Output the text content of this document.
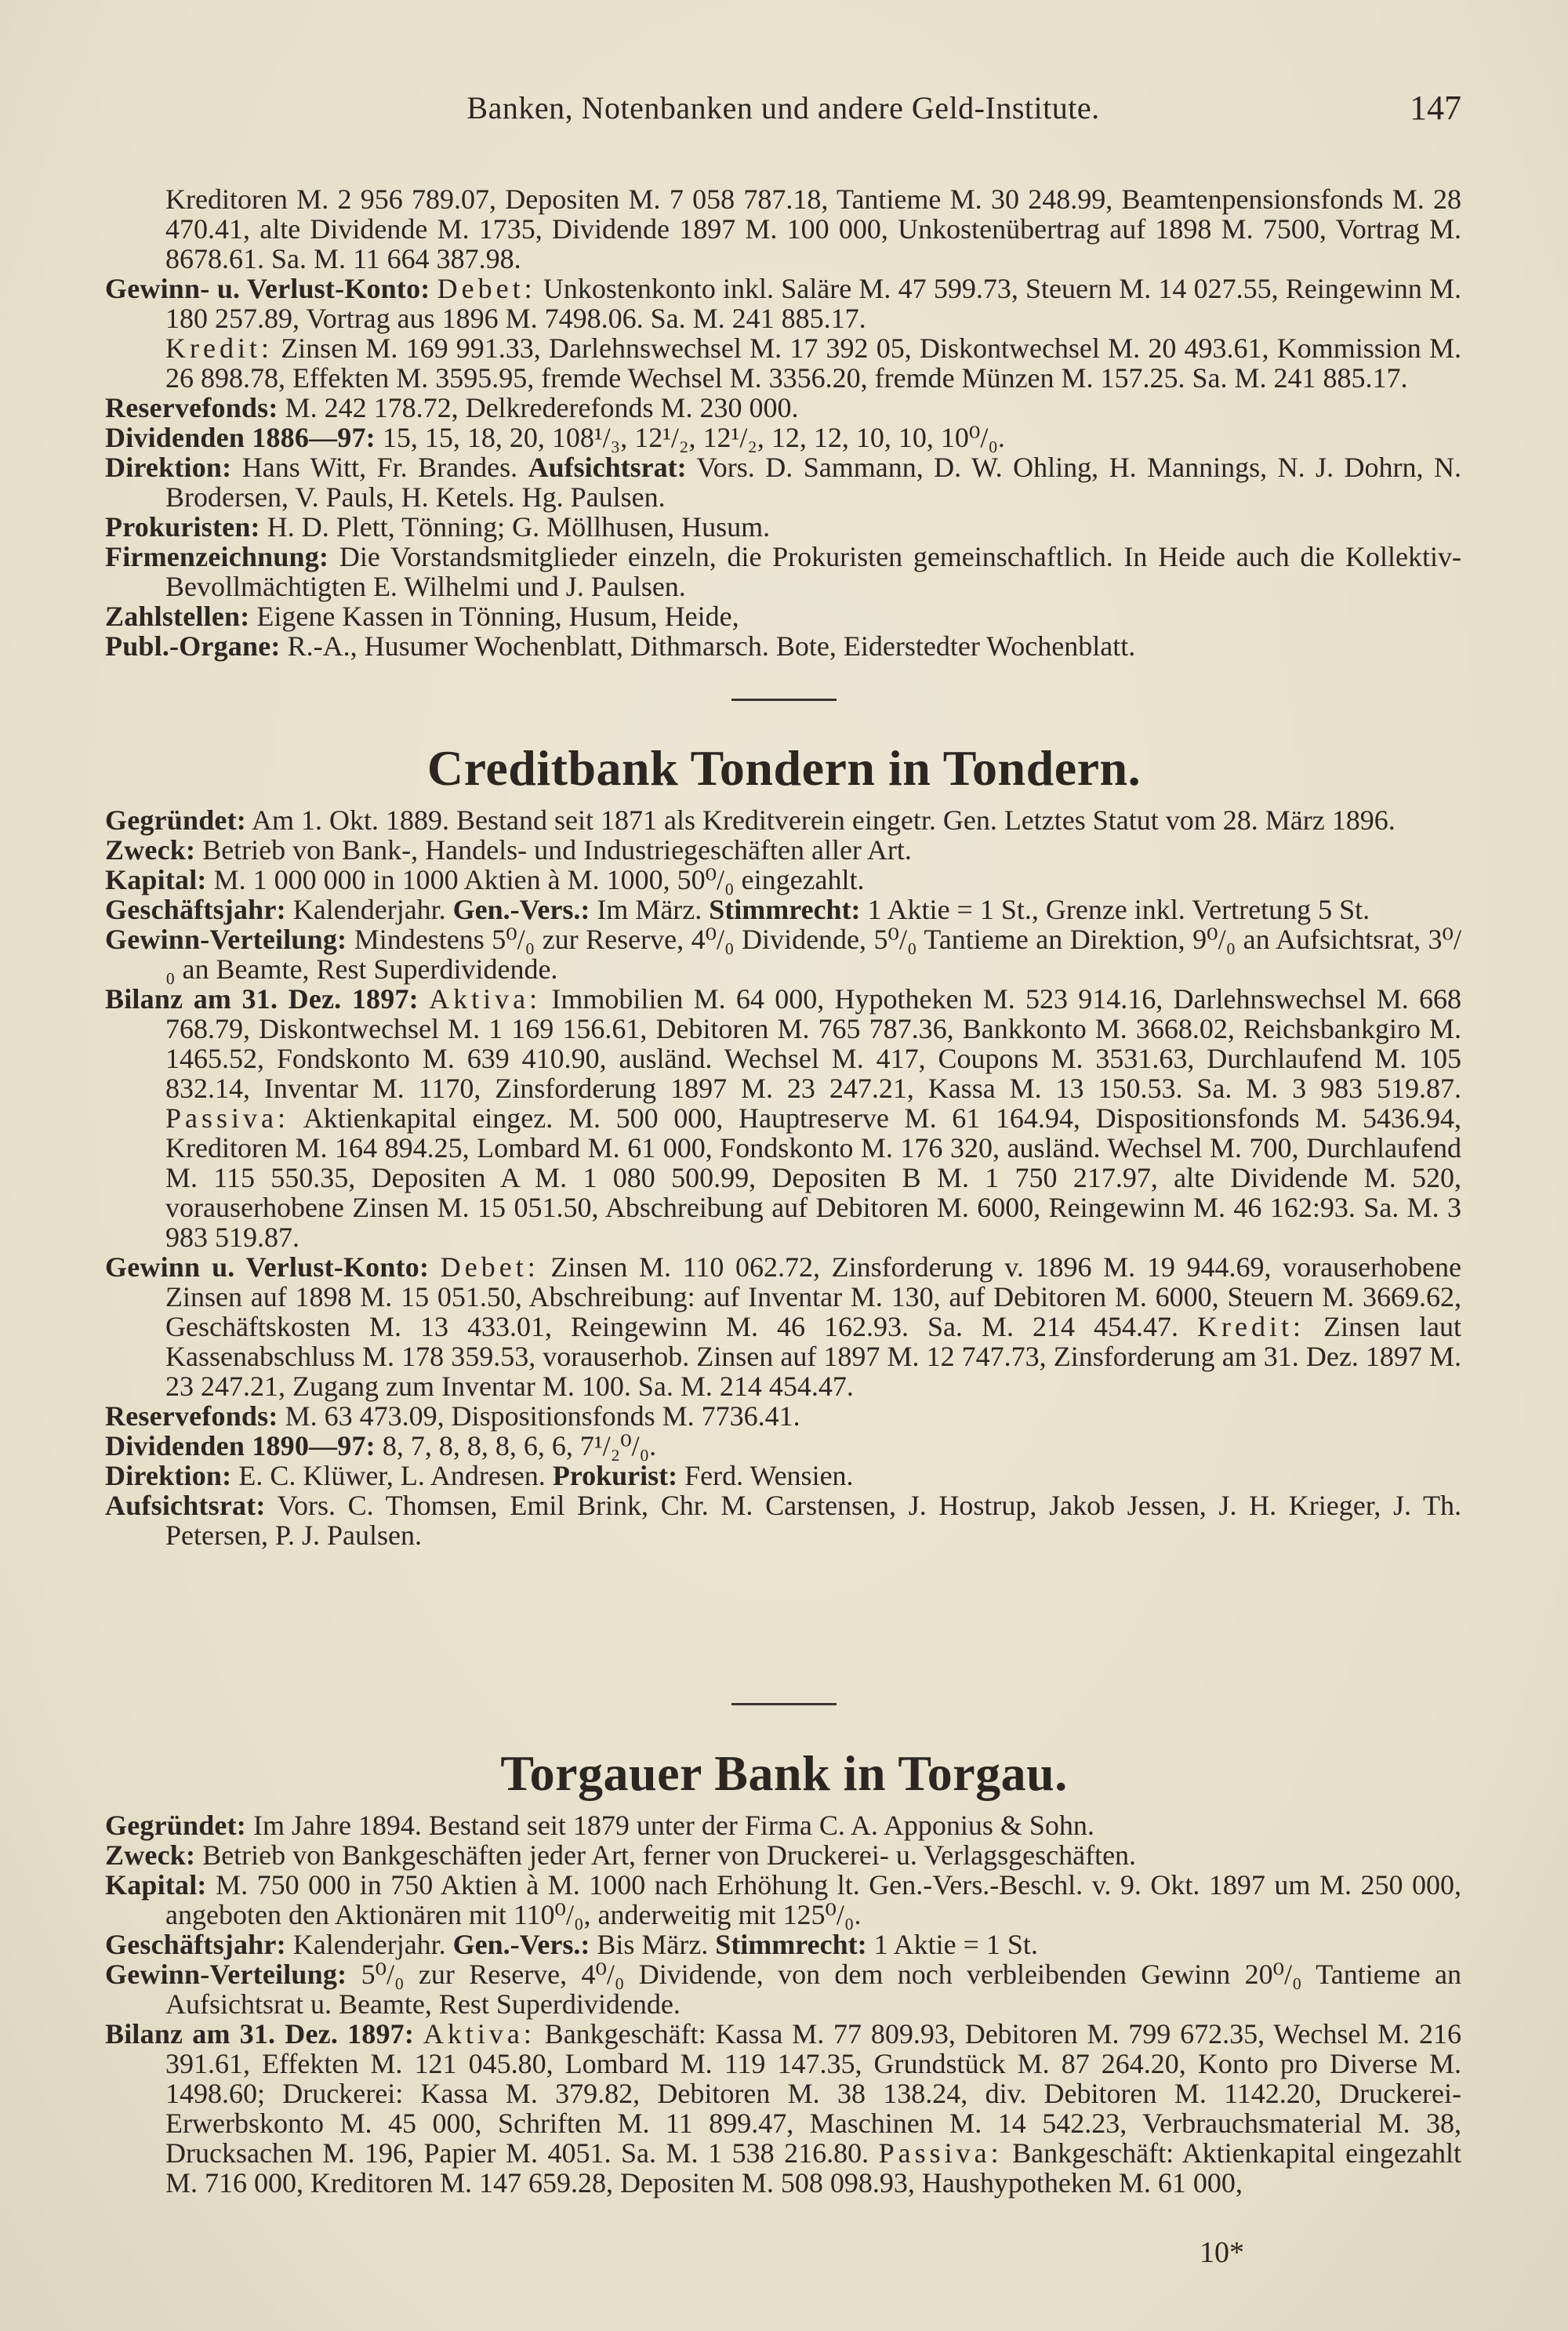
Banken, Notenbanken und andere Geld-Institute.	147

Kreditoren M. 2 956 789.07, Depositen M. 7 058 787.18, Tantieme M. 30 248.99, Beamtenpensionsfonds M. 28 470.41, alte Dividende M. 1735, Dividende 1897 M. 100 000, Unkostenübertrag auf 1898 M. 7500, Vortrag M. 8678.61. Sa. M. 11 664 387.98.

Gewinn- u. Verlust-Konto: Debet: Unkostenkonto inkl. Saläre M. 47 599.73, Steuern M. 14 027.55, Reingewinn M. 180 257.89, Vortrag aus 1896 M. 7498.06. Sa. M. 241 885.17.
Kredit: Zinsen M. 169 991.33, Darlehnswechsel M. 17 392 05, Diskontwechsel M. 20 493.61, Kommission M. 26 898.78, Effekten M. 3595.95, fremde Wechsel M. 3356.20, fremde Münzen M. 157.25. Sa. M. 241 885.17.

Reservefonds: M. 242 178.72, Delkrederefonds M. 230 000.

Dividenden 1886—97: 15, 15, 18, 20, 108¹/₃, 12¹/₂, 12¹/₂, 12, 12, 10, 10, 10⁰/₀.

Direktion: Hans Witt, Fr. Brandes. Aufsichtsrat: Vors. D. Sammann, D. W. Ohling, H. Mannings, N. J. Dohrn, N. Brodersen, V. Pauls, H. Ketels. Hg. Paulsen.

Prokuristen: H. D. Plett, Tönning; G. Möllhusen, Husum.

Firmenzeichnung: Die Vorstandsmitglieder einzeln, die Prokuristen gemeinschaftlich. In Heide auch die Kollektiv-Bevollmächtigten E. Wilhelmi und J. Paulsen.

Zahlstellen: Eigene Kassen in Tönning, Husum, Heide,

Publ.-Organe: R.-A., Husumer Wochenblatt, Dithmarsch. Bote, Eiderstedter Wochenblatt.

Creditbank Tondern in Tondern.

Gegründet: Am 1. Okt. 1889. Bestand seit 1871 als Kreditverein eingetr. Gen. Letztes Statut vom 28. März 1896.

Zweck: Betrieb von Bank-, Handels- und Industriegeschäften aller Art.

Kapital: M. 1 000 000 in 1000 Aktien à M. 1000, 50⁰/₀ eingezahlt.

Geschäftsjahr: Kalenderjahr. Gen.-Vers.: Im März. Stimmrecht: 1 Aktie = 1 St., Grenze inkl. Vertretung 5 St.

Gewinn-Verteilung: Mindestens 5⁰/₀ zur Reserve, 4⁰/₀ Dividende, 5⁰/₀ Tantieme an Direktion, 9⁰/₀ an Aufsichtsrat, 3⁰/₀ an Beamte, Rest Superdividende.

Bilanz am 31. Dez. 1897: Aktiva: Immobilien M. 64 000, Hypotheken M. 523 914.16, Darlehnswechsel M. 668 768.79, Diskontwechsel M. 1 169 156.61, Debitoren M. 765 787.36, Bankkonto M. 3668.02, Reichsbankgiro M. 1465.52, Fondskonto M. 639 410.90, ausländ. Wechsel M. 417, Coupons M. 3531.63, Durchlaufend M. 105 832.14, Inventar M. 1170, Zinsforderung 1897 M. 23 247.21, Kassa M. 13 150.53. Sa. M. 3 983 519.87. Passiva: Aktienkapital eingez. M. 500 000, Hauptreserve M. 61 164.94, Dispositionsfonds M. 5436.94, Kreditoren M. 164 894.25, Lombard M. 61 000, Fondskonto M. 176 320, ausländ. Wechsel M. 700, Durchlaufend M. 115 550.35, Depositen A M. 1 080 500.99, Depositen B M. 1 750 217.97, alte Dividende M. 520, vorauserhobene Zinsen M. 15 051.50, Abschreibung auf Debitoren M. 6000, Reingewinn M. 46 162:93. Sa. M. 3 983 519.87.

Gewinn u. Verlust-Konto: Debet: Zinsen M. 110 062.72, Zinsforderung v. 1896 M. 19 944.69, vorauserhobene Zinsen auf 1898 M. 15 051.50, Abschreibung: auf Inventar M. 130, auf Debitoren M. 6000, Steuern M. 3669.62, Geschäftskosten M. 13 433.01, Reingewinn M. 46 162.93. Sa. M. 214 454.47. Kredit: Zinsen laut Kassenabschluss M. 178 359.53, vorauserhob. Zinsen auf 1897 M. 12 747.73, Zinsforderung am 31. Dez. 1897 M. 23 247.21, Zugang zum Inventar M. 100. Sa. M. 214 454.47.

Reservefonds: M. 63 473.09, Dispositionsfonds M. 7736.41.

Dividenden 1890—97: 8, 7, 8, 8, 8, 6, 6, 7¹/₂⁰/₀.

Direktion: E. C. Klüwer, L. Andresen. Prokurist: Ferd. Wensien.

Aufsichtsrat: Vors. C. Thomsen, Emil Brink, Chr. M. Carstensen, J. Hostrup, Jakob Jessen, J. H. Krieger, J. Th. Petersen, P. J. Paulsen.

Torgauer Bank in Torgau.

Gegründet: Im Jahre 1894. Bestand seit 1879 unter der Firma C. A. Apponius & Sohn.

Zweck: Betrieb von Bankgeschäften jeder Art, ferner von Druckerei- u. Verlagsgeschäften.

Kapital: M. 750 000 in 750 Aktien à M. 1000 nach Erhöhung lt. Gen.-Vers.-Beschl. v. 9. Okt. 1897 um M. 250 000, angeboten den Aktionären mit 110⁰/₀, anderweitig mit 125⁰/₀.

Geschäftsjahr: Kalenderjahr. Gen.-Vers.: Bis März. Stimmrecht: 1 Aktie = 1 St.

Gewinn-Verteilung: 5⁰/₀ zur Reserve, 4⁰/₀ Dividende, von dem noch verbleibenden Gewinn 20⁰/₀ Tantieme an Aufsichtsrat u. Beamte, Rest Superdividende.

Bilanz am 31. Dez. 1897: Aktiva: Bankgeschäft: Kassa M. 77 809.93, Debitoren M. 799 672.35, Wechsel M. 216 391.61, Effekten M. 121 045.80, Lombard M. 119 147.35, Grundstück M. 87 264.20, Konto pro Diverse M. 1498.60; Druckerei: Kassa M. 379.82, Debitoren M. 38 138.24, div. Debitoren M. 1142.20, Druckerei-Erwerbskonto M. 45 000, Schriften M. 11 899.47, Maschinen M. 14 542.23, Verbrauchsmaterial M. 38, Drucksachen M. 196, Papier M. 4051. Sa. M. 1 538 216.80. Passiva: Bankgeschäft: Aktienkapital eingezahlt M. 716 000, Kreditoren M. 147 659.28, Depositen M. 508 098.93, Haushypotheken M. 61 000,

10*
